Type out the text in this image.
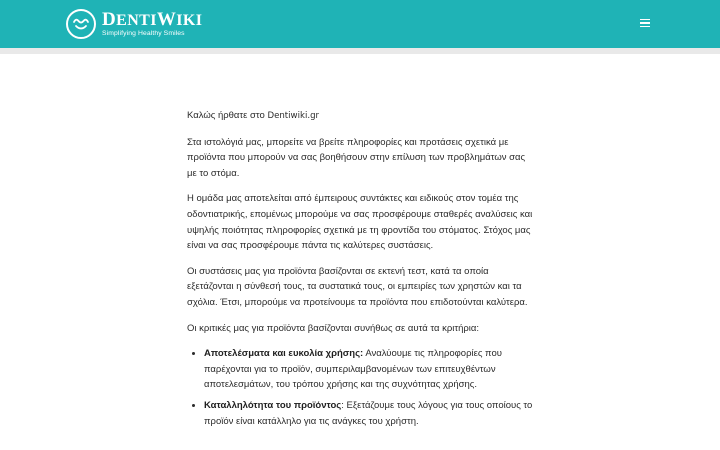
DENTIWIKI
Simplifying Healthy Smiles

Καλώς ήρθατε στο Dentiwiki.gr

Στα ιστολόγιά μας, μπορείτε να βρείτε πληροφορίες και προτάσεις σχετικά με προϊόντα που μπορούν να σας βοηθήσουν στην επίλυση των προβλημάτων σας με το στόμα.

Η ομάδα μας αποτελείται από έμπειρους συντάκτες και ειδικούς στον τομέα της οδοντιατρικής, επομένως μπορούμε να σας προσφέρουμε σταθερές αναλύσεις και υψηλής ποιότητας πληροφορίες σχετικά με τη φροντίδα του στόματος. Στόχος μας είναι να σας προσφέρουμε πάντα τις καλύτερες συστάσεις.

Οι συστάσεις μας για προϊόντα βασίζονται σε εκτενή τεστ, κατά τα οποία εξετάζονται η σύνθεσή τους, τα συστατικά τους, οι εμπειρίες των χρηστών και τα σχόλια. Έτσι, μπορούμε να προτείνουμε τα προϊόντα που επιδοτούνται καλύτερα.

Οι κριτικές μας για προϊόντα βασίζονται συνήθως σε αυτά τα κριτήρια:

• Αποτελέσματα και ευκολία χρήσης: Αναλύουμε τις πληροφορίες που παρέχονται για το προϊόν, συμπεριλαμβανομένων των επιτευχθέντων αποτελεσμάτων, του τρόπου χρήσης και της συχνότητας χρήσης.
• Καταλληλότητα του προϊόντος: Εξετάζουμε τους λόγους για τους οποίους το προϊόν είναι κατάλληλο για τις ανάγκες του χρήστη.
